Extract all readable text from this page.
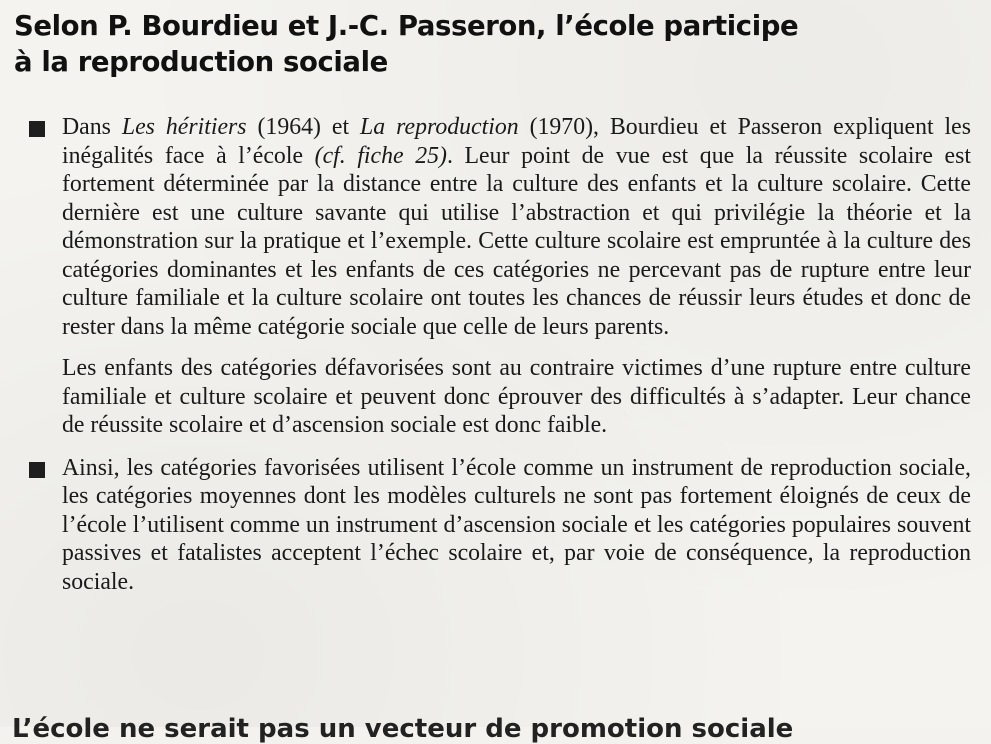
Selon P. Bourdieu et J.-C. Passeron, l’école participe
à la reproduction sociale

Dans Les héritiers (1964) et La reproduction (1970), Bourdieu et Passeron expliquent les inégalités face à l’école (cf. fiche 25). Leur point de vue est que la réussite scolaire est fortement déterminée par la distance entre la culture des enfants et la culture scolaire. Cette dernière est une culture savante qui utilise l’abstraction et qui privilégie la théorie et la démonstration sur la pratique et l’exemple. Cette culture scolaire est empruntée à la culture des catégories dominantes et les enfants de ces catégories ne percevant pas de rupture entre leur culture familiale et la culture scolaire ont toutes les chances de réussir leurs études et donc de rester dans la même catégorie sociale que celle de leurs parents.

Les enfants des catégories défavorisées sont au contraire victimes d’une rupture entre culture familiale et culture scolaire et peuvent donc éprouver des difficultés à s’adapter. Leur chance de réussite scolaire et d’ascension sociale est donc faible.

Ainsi, les catégories favorisées utilisent l’école comme un instrument de reproduction sociale, les catégories moyennes dont les modèles culturels ne sont pas fortement éloignés de ceux de l’école l’utilisent comme un instrument d’ascension sociale et les catégories populaires souvent passives et fatalistes acceptent l’échec scolaire et, par voie de conséquence, la reproduction sociale.

L’école ne serait pas un vecteur de promotion sociale
